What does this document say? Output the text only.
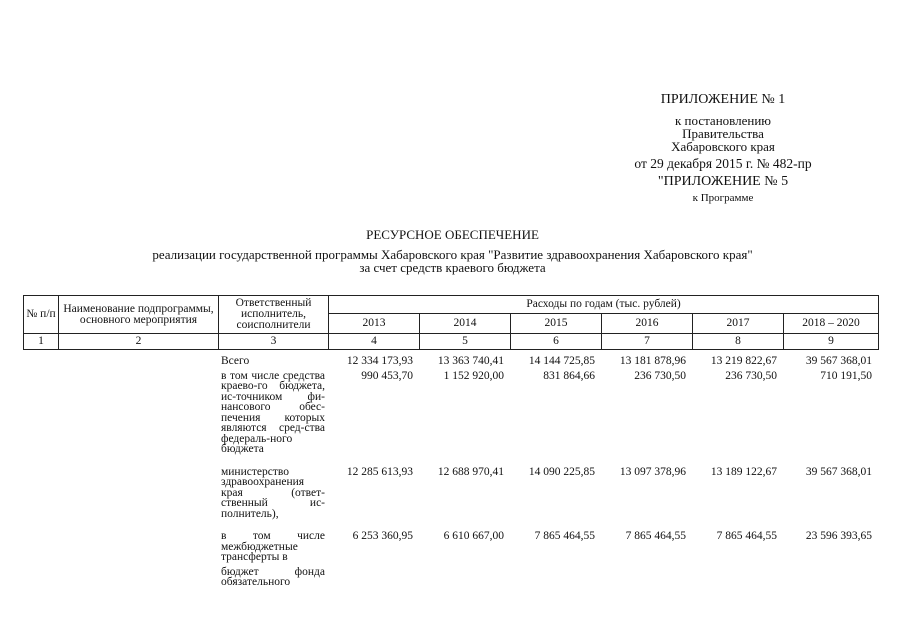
ПРИЛОЖЕНИЕ № 1
к постановлению
Правительства
Хабаровского края
от 29 декабря 2015 г. № 482-пр
"ПРИЛОЖЕНИЕ № 5
к Программе
РЕСУРСНОЕ ОБЕСПЕЧЕНИЕ
реализации государственной программы Хабаровского края "Развитие здравоохранения Хабаровского края"
за счет средств краевого бюджета
№ п/п	Наименование подпрограммы, основного мероприятия	Ответственный исполнитель, соисполнители	Расходы по годам (тыс. рублей)					
			2013	2014	2015	2016	2017	2018 – 2020
1	2	3	4	5	6	7	8	9
		Всего	12 334 173,93	13 363 740,41	14 144 725,85	13 181 878,96	13 219 822,67	39 567 368,01
		в том числе средства краево-го бюджета, ис-точником фи-нансового обес-печения которых являются сред-ства федераль-ного бюджета	990 453,70	1 152 920,00	831 864,66	236 730,50	236 730,50	710 191,50
		министерство здравоохранения края (ответ-ственный ис-полнитель),	12 285 613,93	12 688 970,41	14 090 225,85	13 097 378,96	13 189 122,67	39 567 368,01
		в том числе межбюджетные трансферты в	6 253 360,95	6 610 667,00	7 865 464,55	7 865 464,55	7 865 464,55	23 596 393,65
		бюджет фонда обязательного						
